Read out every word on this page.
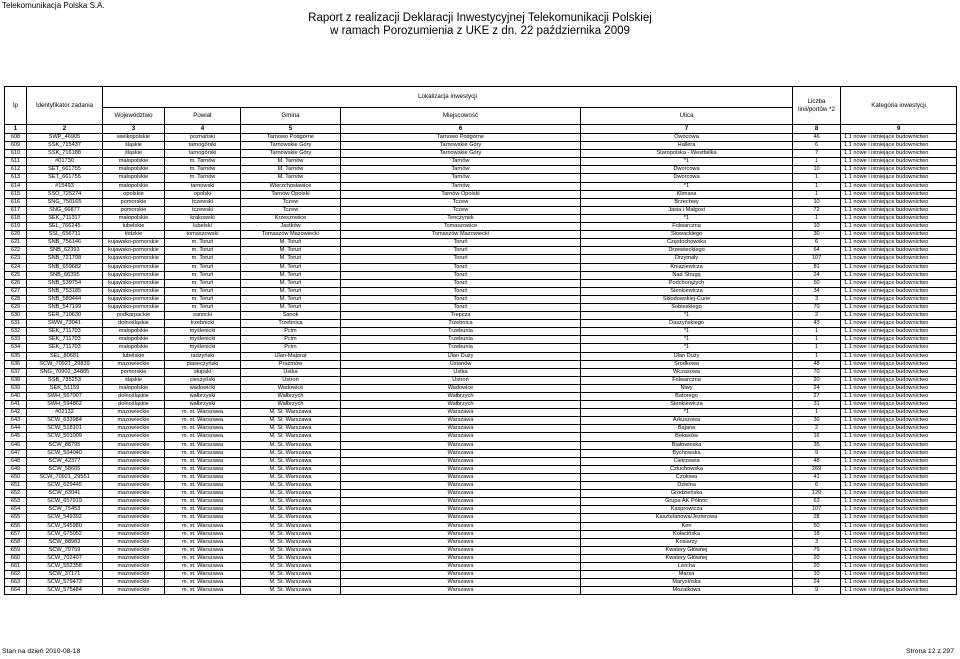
Telekomunikacja Polska S.A.
Raport z realizacji Deklaracji Inwestycyjnej Telekomunikacji Polskiej
w ramach Porozumienia z UKE z dn. 22 października 2009
lp	Identyfikator zadania	Lokalizacja inwestycji					Liczba linii/portów *2	Kategoria inwestycji
		Województwo	Powiat	Gmina	Miejscowość	Ulica		
1	2	3	4	5	6	7	8	9
608	SWP_46905	wielkopolskie	poznański	Tarnowo Podgórne	Tarnowo Podgórne	Owocowa	46	1.1 nowe i istniejące budownictwo
609	SSK_715437	śląskie	tarnogórski	Tarnowskie Góry	Tarnowskie Góry	Hallera	6	1.1 nowe i istniejące budownictwo
610	SSK_716188	śląskie	tarnogórski	Tarnowskie Góry	Tarnowskie Góry	Staropolska - Westfalika	7	1.1 nowe i istniejące budownictwo
611	#01730	małopolskie	m. Tarnów	M. Tarnów	Tarnów	*1	1	1.1 nowe i istniejące budownictwo
612	SET_661755	małopolskie	m. Tarnów	M. Tarnów	Tarnów	Dworcowa	10	1.1 nowe i istniejące budownictwo
613	SET_661755	małopolskie	m. Tarnów	M. Tarnów	Tarnów	Dworcowa	1	1.1 nowe i istniejące budownictwo
614	#15493	małopolskie	tarnowski	Wierzchosławice	Tarnów	*1	1	1.1 nowe i istniejące budownictwo
615	SSO_725274	opolskie	opolski	Tarnów Opolski	Tarnów Opolski	Klimasa	1	1.1 nowe i istniejące budownictwo
616	SNG_750165	pomorskie	tczewski	Tczew	Tczew	Brzechwy	10	1.1 nowe i istniejące budownictwo
617	SNG_66877	pomorskie	tczewski	Tczew	Tczew	Jasia i Małgosi	72	1.1 nowe i istniejące budownictwo
618	SEK_711317	małopolskie	krakowski	Krzeszowice	Tenczynek	*1	1	1.1 nowe i istniejące budownictwo
619	SEL_766245	lubelskie	lubelski	Jastków	Tomaszowice	Folwarczna	10	1.1 nowe i istniejące budownictwo
620	SSL_656711	łódzkie	tomaszowski	Tomaszów Mazowiecki	Tomaszów Mazowiecki	Słowackiego	30	1.1 nowe i istniejące budownictwo
621	SNB_756146	kujawsko-pomorskie	m. Toruń	M. Toruń	Toruń	Częstochowska	6	1.1 nowe i istniejące budownictwo
622	SNB_62393	kujawsko-pomorskie	m. Toruń	M. Toruń	Toruń	Drzewieckiego	64	1.1 nowe i istniejące budownictwo
623	SNB_721708	kujawsko-pomorskie	m. Toruń	M. Toruń	Toruń	Drzymały	107	1.1 nowe i istniejące budownictwo
624	SNB_659682	kujawsko-pomorskie	m. Toruń	M. Toruń	Toruń	Kniaziewicza	81	1.1 nowe i istniejące budownictwo
625	SNB_66395	kujawsko-pomorskie	m. Toruń	M. Toruń	Toruń	Nad Strugą	24	1.1 nowe i istniejące budownictwo
626	SNB_539754	kujawsko-pomorskie	m. Toruń	M. Toruń	Toruń	Podchorążych	50	1.1 nowe i istniejące budownictwo
627	SNB_753185	kujawsko-pomorskie	m. Toruń	M. Toruń	Toruń	Sienkiewicza	34	1.1 nowe i istniejące budownictwo
628	SNB_589444	kujawsko-pomorskie	m. Toruń	M. Toruń	Toruń	Skłodowskiej-Curie	3	1.1 nowe i istniejące budownictwo
629	SNB_547199	kujawsko-pomorskie	m. Toruń	M. Toruń	Toruń	Sobieskiego	70	1.1 nowe i istniejące budownictwo
630	SER_710630	podkarpackie	sanocki	Sanok	Trepcza	*1	2	1.1 nowe i istniejące budownictwo
631	SWW_73041	dolnośląskie	trzebnicki	Trzebnica	Trzebnica	Daszyńskiego	43	1.1 nowe i istniejące budownictwo
632	SEK_711703	małopolskie	myślenicki	Pcim	Trzebunia	*1	1	1.1 nowe i istniejące budownictwo
633	SEK_711703	małopolskie	myślenicki	Pcim	Trzebunia	*1	1	1.1 nowe i istniejące budownictwo
634	SEK_711703	małopolskie	myślenicki	Pcim	Trzebunia	*1	1	1.1 nowe i istniejące budownictwo
635	SEL_80681	lubelskie	radzyński	Ulan-Majorat	Ulan Duży	Ulan Duży	1	1.1 nowe i istniejące budownictwo
636	SCW_70921_29839	mazowieckie	piaseczyński	Prażmów	Ustanów	Środkowa	48	1.1 nowe i istniejące budownictwo
637	SNG_70902_34885	pomorskie	słupski	Ustka	Ustka	Wczasowa	70	1.1 nowe i istniejące budownictwo
638	SSB_735253	śląskie	cieszyński	Ustroń	Ustroń	Folwarczna	20	1.1 nowe i istniejące budownictwo
639	SEK_51159	małopolskie	wadowicki	Wadowice	Wadowice	Niwy	24	1.1 nowe i istniejące budownictwo
640	SWH_567007	dolnośląskie	wałbrzyski	Wałbrzych	Wałbrzych	Batorego	27	1.1 nowe i istniejące budownictwo
641	SWH_594862	dolnośląskie	wałbrzyski	Wałbrzych	Wałbrzych	Sienkiewicza	31	1.1 nowe i istniejące budownictwo
642	#02132	mazowieckie	m. st. Warszawa	M. St. Warszawa	Warszawa	*1	1	1.1 nowe i istniejące budownictwo
643	SCW_633984	mazowieckie	m. st. Warszawa	M. St. Warszawa	Warszawa	Arkuszowa	30	1.1 nowe i istniejące budownictwo
644	SCW_518101	mazowieckie	m. st. Warszawa	M. St. Warszawa	Warszawa	Bajana	2	1.1 nowe i istniejące budownictwo
645	SCW_501009	mazowieckie	m. st. Warszawa	M. St. Warszawa	Warszawa	Bekasów	16	1.1 nowe i istniejące budownictwo
646	SCW_88795	mazowieckie	m. st. Warszawa	M. St. Warszawa	Warszawa	Białowieska	35	1.1 nowe i istniejące budownictwo
647	SCW_504040	mazowieckie	m. st. Warszawa	M. St. Warszawa	Warszawa	Bychowska	9	1.1 nowe i istniejące budownictwo
648	SCW_42377	mazowieckie	m. st. Warszawa	M. St. Warszawa	Warszawa	Cietrzewia	48	1.1 nowe i istniejące budownictwo
649	SCW_58605	mazowieckie	m. st. Warszawa	M. St. Warszawa	Warszawa	Czluchowska	269	1.1 nowe i istniejące budownictwo
650	SCW_70921_29551	mazowieckie	m. st. Warszawa	M. St. Warszawa	Warszawa	Czołowa	41	1.1 nowe i istniejące budownictwo
651	SCW_629445	mazowieckie	m. st. Warszawa	M. St. Warszawa	Warszawa	Dzielna	6	1.1 nowe i istniejące budownictwo
652	SCW_63041	mazowieckie	m. st. Warszawa	M. St. Warszawa	Warszawa	Grodzieńska	120	1.1 nowe i istniejące budownictwo
653	SCW_657919	mazowieckie	m. st. Warszawa	M. St. Warszawa	Warszawa	Grupa AK Północ	63	1.1 nowe i istniejące budownictwo
654	SCW_75453	mazowieckie	m. st. Warszawa	M. St. Warszawa	Warszawa	Kasprowicza	107	1.1 nowe i istniejące budownictwo
655	SCW_549392	mazowieckie	m. st. Warszawa	M. St. Warszawa	Warszawa	Kasztelanowa/Jezierowa	28	1.1 nowe i istniejące budownictwo
656	SCW_545980	mazowieckie	m. st. Warszawa	M. St. Warszawa	Warszawa	Ken	50	1.1 nowe i istniejące budownictwo
657	SCW_675052	mazowieckie	m. st. Warszawa	M. St. Warszawa	Warszawa	Kołacińska	18	1.1 nowe i istniejące budownictwo
658	SCW_88983	mazowieckie	m. st. Warszawa	M. St. Warszawa	Warszawa	Kosiarzy	3	1.1 nowe i istniejące budownictwo
659	SCW_70759	mazowieckie	m. st. Warszawa	M. St. Warszawa	Warszawa	Kwatery Głównej	79	1.1 nowe i istniejące budownictwo
660	SCW_702407	mazowieckie	m. st. Warszawa	M. St. Warszawa	Warszawa	Kwatery Głównej	20	1.1 nowe i istniejące budownictwo
661	SCW_552358	mazowieckie	m. st. Warszawa	M. St. Warszawa	Warszawa	Lercha	20	1.1 nowe i istniejące budownictwo
662	SCW_37171	mazowieckie	m. st. Warszawa	M. St. Warszawa	Warszawa	Marsa	10	1.1 nowe i istniejące budownictwo
663	SCW_579473	mazowieckie	m. st. Warszawa	M. St. Warszawa	Warszawa	Marysińska	24	1.1 nowe i istniejące budownictwo
664	SCW_575484	mazowieckie	m. st. Warszawa	M. St. Warszawa	Warszawa	Mozaikowa	9	1.1 nowe i istniejące budownictwo
Stan na dzień 2010-08-18	Strona 12 z 297
